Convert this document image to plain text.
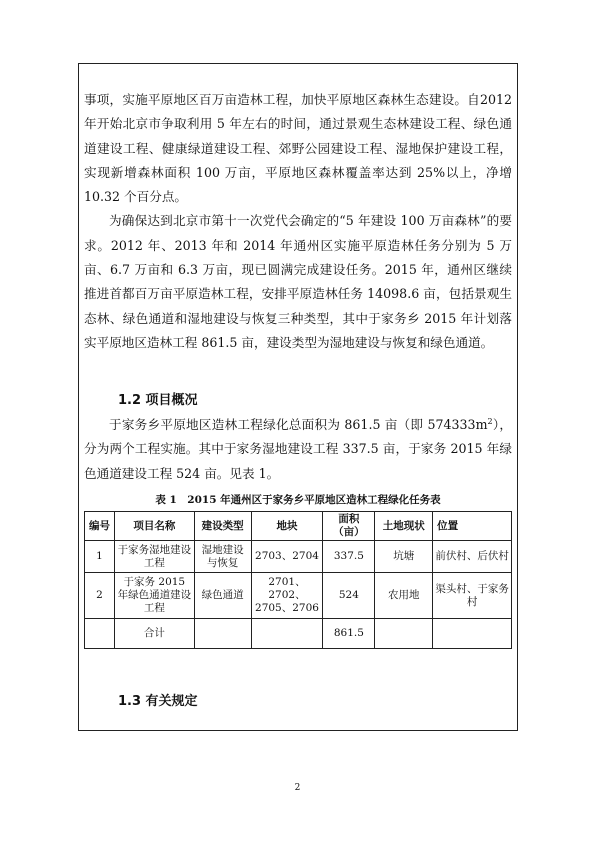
事项，实施平原地区百万亩造林工程，加快平原地区森林生态建设。自2012年开始北京市争取利用 5 年左右的时间，通过景观生态林建设工程、绿色通道建设工程、健康绿道建设工程、郊野公园建设工程、湿地保护建设工程，实现新增森林面积 100 万亩，平原地区森林覆盖率达到 25%以上，净增 10.32 个百分点。

为确保达到北京市第十一次党代会确定的“5 年建设 100 万亩森林”的要求。2012 年、2013 年和 2014 年通州区实施平原造林任务分别为 5 万亩、6.7 万亩和 6.3 万亩，现已圆满完成建设任务。2015 年，通州区继续推进首都百万亩平原造林工程，安排平原造林任务 14098.6 亩，包括景观生态林、绿色通道和湿地建设与恢复三种类型，其中于家务乡 2015 年计划落实平原地区造林工程 861.5 亩，建设类型为湿地建设与恢复和绿色通道。

1.2 项目概况

于家务乡平原地区造林工程绿化总面积为 861.5 亩（即 $574333m^2$），分为两个工程实施。其中于家务湿地建设工程 337.5 亩，于家务 2015 年绿色通道建设工程 524 亩。见表 1。

表 1　2015 年通州区于家务乡平原地区造林工程绿化任务表

编号	项目名称	建设类型	地块	面积（亩）	土地现状	位置
1	于家务湿地建设工程	湿地建设与恢复	2703、2704	337.5	坑塘	前伏村、后伏村
2	于家务 2015 年绿色通道建设工程	绿色通道	2701、2702、2705、2706	524	农用地	渠头村、于家务村
	合计			861.5		

1.3 有关规定

2
